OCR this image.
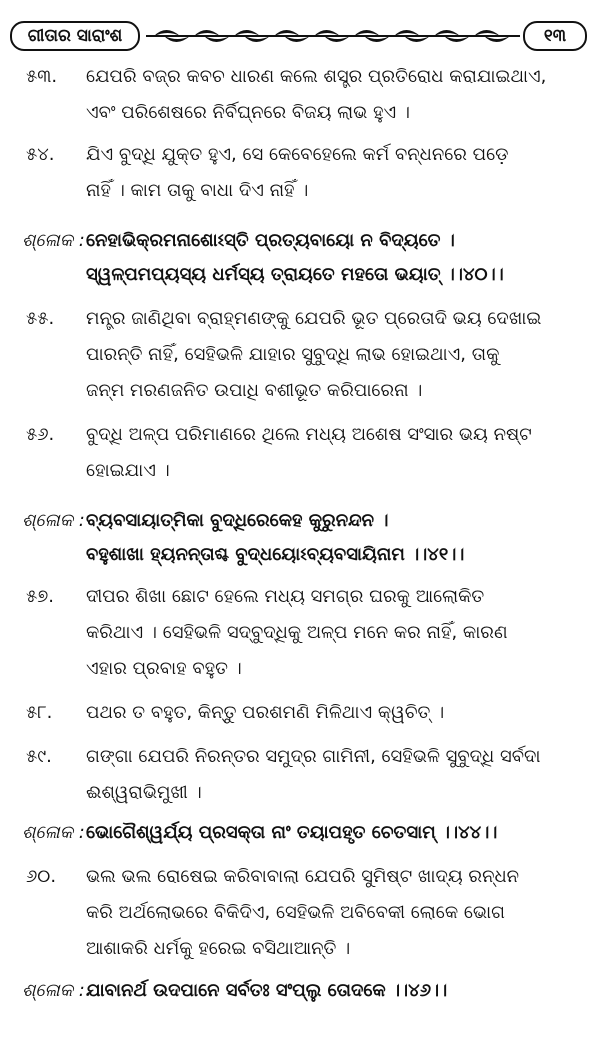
ଗୀତାର ସାରାଂଶ	୧୩
୫୩. ଯେପରି ବଜ୍ର କବଚ ଧାରଣ କଲେ ଶସ୍ତ୍ର ପ୍ରତିରୋଧ କରାଯାଇଥାଏ,
ଏବଂ ପରିଶେଷରେ ନିର୍ବିଘ୍ନରେ ବିଜୟ ଲାଭ ହୁଏ ।
୫୪. ଯିଏ ବୁଦ୍ଧି ଯୁକ୍ତ ହୁଏ, ସେ କେବେହେଲେ କର୍ମ ବନ୍ଧନରେ ପଡ଼େ
ନାହିଁ । କାମ ତାକୁ ବାଧା ଦିଏ ନାହିଁ ।
ଶ୍ଳୋକ : ନେହାଭିକ୍ରମନାଶୋଽସ୍ତି ପ୍ରତ୍ୟବାୟୋ ନ ବିଦ୍ୟତେ ।
ସ୍ୱଳ୍ପମପ୍ୟସ୍ୟ ଧର୍ମସ୍ୟ ତ୍ରାୟତେ ମହତୋ ଭୟାତ୍ ।।୪୦।।
୫୫. ମନ୍ତ୍ର ଜାଣିଥିବା ବ୍ରାହ୍ମଣଙ୍କୁ ଯେପରି ଭୂତ ପ୍ରେତାଦି ଭୟ ଦେଖାଇ
ପାରନ୍ତି ନାହିଁ, ସେହିଭଳି ଯାହାର ସୁବୁଦ୍ଧି ଲାଭ ହୋଇଥାଏ, ତାକୁ
ଜନ୍ମ ମରଣଜନିତ ଉପାଧି ବଶୀଭୂତ କରିପାରେନା ।
୫୬. ବୁଦ୍ଧି ଅଳ୍ପ ପରିମାଣରେ ଥିଲେ ମଧ୍ୟ ଅଶେଷ ସଂସାର ଭୟ ନଷ୍ଟ
ହୋଇଯାଏ ।
ଶ୍ଳୋକ : ବ୍ୟବସାୟାତ୍ମିକା ବୁଦ୍ଧିରେକେହ କୁରୁନନ୍ଦନ ।
ବହୁଶାଖା ହ୍ୟନନ୍ତାଶ୍ଚ ବୁଦ୍ଧୟୋଽବ୍ୟବସାୟିନାମ ।।୪୧।।
୫୭. ଦୀପର ଶିଖା ଛୋଟ ହେଲେ ମଧ୍ୟ ସମଗ୍ର ଘରକୁ ଆଲୋକିତ
କରିଥାଏ । ସେହିଭଳି ସଦ୍‌ବୁଦ୍ଧିକୁ ଅଳ୍ପ ମନେ କର ନାହିଁ, କାରଣ
ଏହାର ପ୍ରବାହ ବହୁତ ।
୫୮. ପଥର ତ ବହୁତ, କିନ୍ତୁ ପରଶମଣି ମିଳିଥାଏ କ୍ୱଚିତ୍ ।
୫୯. ଗଙ୍ଗା ଯେପରି ନିରନ୍ତର ସମୁଦ୍ର ଗାମିନୀ, ସେହିଭଳି ସୁବୁଦ୍ଧି ସର୍ବଦା
ଈଶ୍ୱରାଭିମୁଖୀ ।
ଶ୍ଳୋକ : ଭୋଗୈଶ୍ୱର୍ଯ୍ୟ ପ୍ରସକ୍ତା ନାଂ ତୟାପହୃତ ଚେତସାମ୍ ।।୪୪।।
୬୦. ଭଲ ଭଲ ରୋଷେଇ କରିବାବାଲା ଯେପରି ସୁମିଷ୍ଟ ଖାଦ୍ୟ ରନ୍ଧନ
କରି ଅର୍ଥଲୋଭରେ ବିକିଦିଏ, ସେହିଭଳି ଅବିବେକୀ ଲୋକେ ଭୋଗ
ଆଶାକରି ଧର୍ମକୁ ହରେଇ ବସିଥାଆନ୍ତି ।
ଶ୍ଳୋକ : ଯାବାନର୍ଥ ଉଦପାନେ ସର୍ବତଃ ସଂପ୍ଲୁ ତୋଦକେ ।।୪୬।।
